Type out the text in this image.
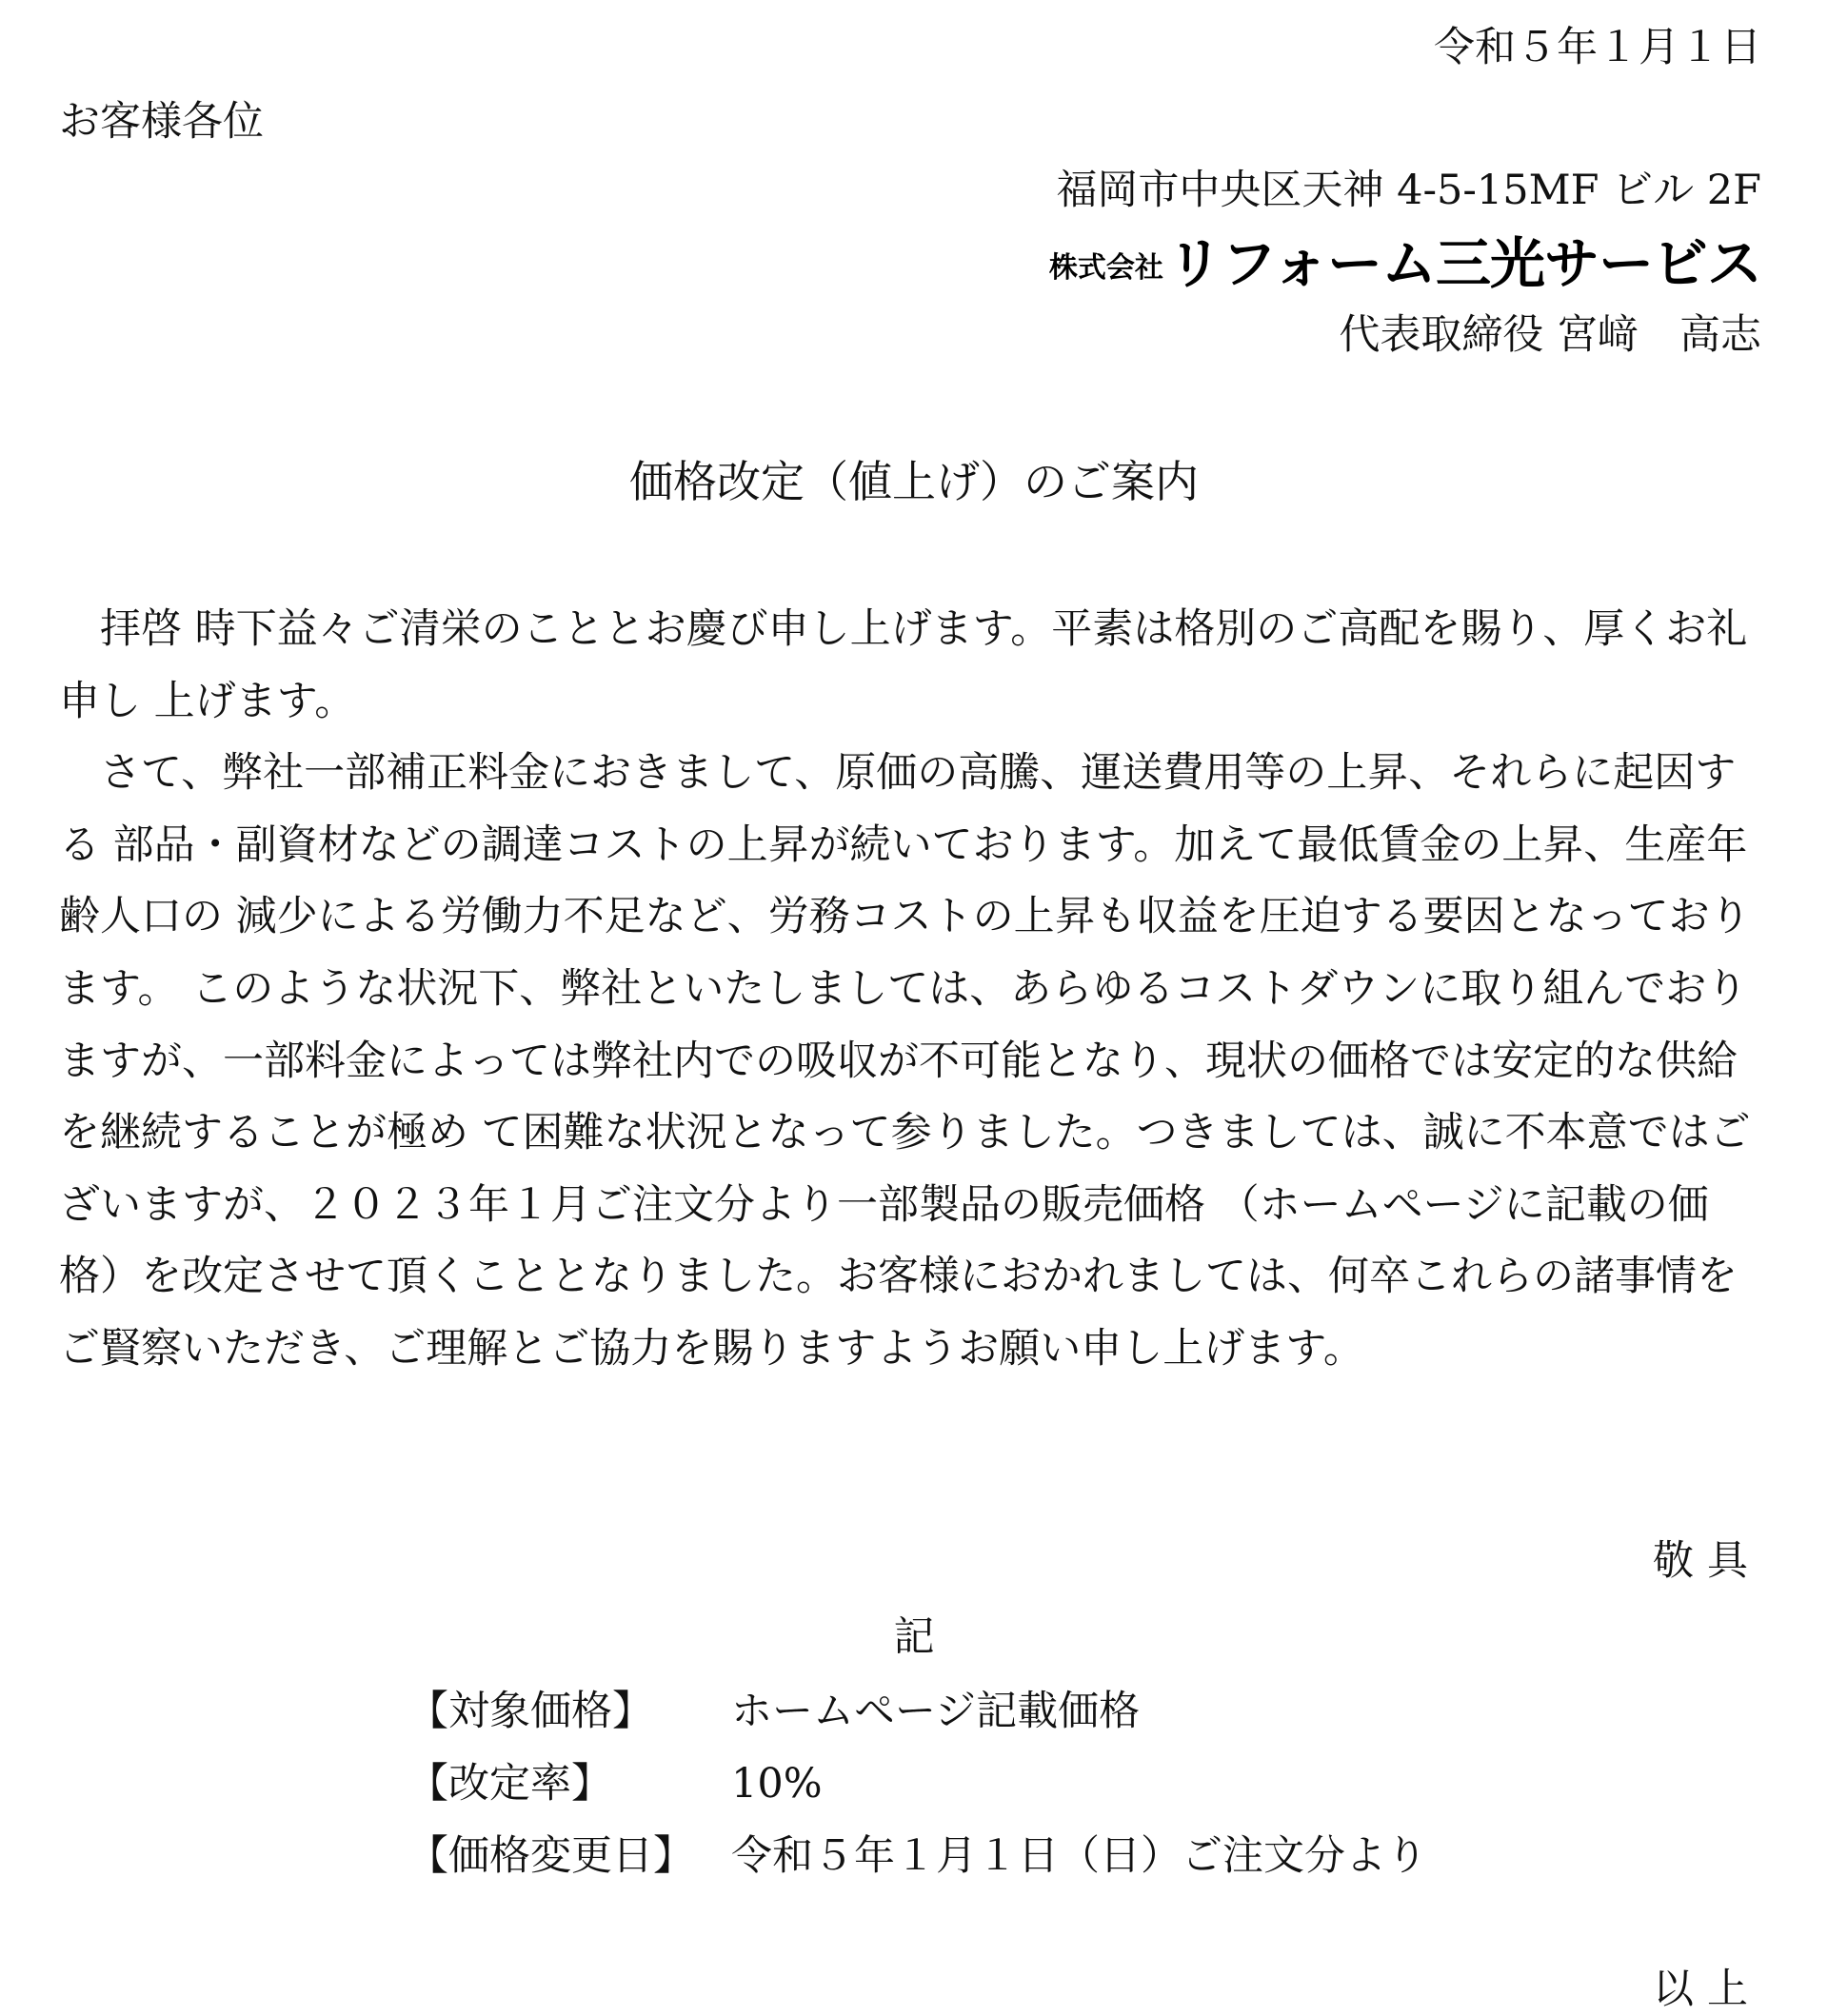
令和５年１月１日
お客様各位
福岡市中央区天神 4-5-15MF ビル 2F
株式会社 リフォーム三光サービス
代表取締役 宮﨑　高志
価格改定（値上げ）のご案内

拝啓 時下益々ご清栄のこととお慶び申し上げます。平素は格別のご高配を賜り、厚くお礼申し 上げます。

さて、弊社一部補正料金におきまして、原価の高騰、運送費用等の上昇、それらに起因する 部品・副資材などの調達コストの上昇が続いております。加えて最低賃金の上昇、生産年齢人口の 減少による労働力不足など、労務コストの上昇も収益を圧迫する要因となっております。 このような状況下、弊社といたしましては、あらゆるコストダウンに取り組んでおりますが、一部料金によっては弊社内での吸収が不可能となり、現状の価格では安定的な供給を継続することが極め て困難な状況となって参りました。つきましては、誠に不本意ではございますが、２０２３年１月ご注文分より一部製品の販売価格 （ホームページに記載の価格）を改定させて頂くこととなりました。お客様におかれましては、何卒これらの諸事情をご賢察いただき、ご理解とご協力を賜りますようお願い申し上げます。

敬具
記
【対象価格】 ホームページ記載価格
【改定率】	10%
【価格変更日】 令和５年１月１日（日）ご注文分より
以上
